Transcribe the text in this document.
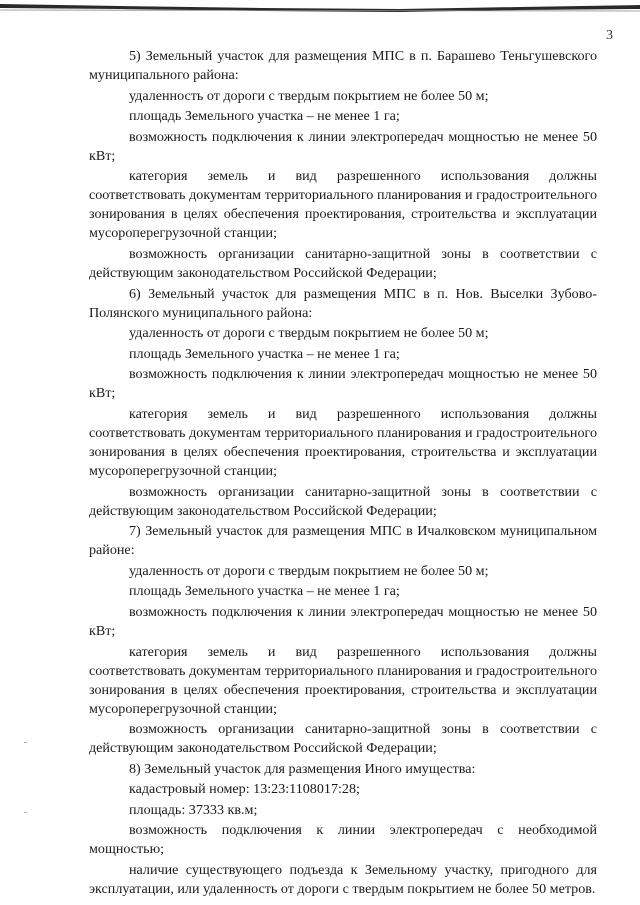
3

5) Земельный участок для размещения МПС в п. Барашево Теньгушевского муниципального района:

удаленность от дороги с твердым покрытием не более 50 м;

площадь Земельного участка – не менее 1 га;

возможность подключения к линии электропередач мощностью не менее 50 кВт;

категория земель и вид разрешенного использования должны соответствовать документам территориального планирования и градостроительного зонирования в целях обеспечения проектирования, строительства и эксплуатации мусороперегрузочной станции;

возможность организации санитарно-защитной зоны в соответствии с действующим законодательством Российской Федерации;

6) Земельный участок для размещения МПС в п. Нов. Выселки Зубово-Полянского муниципального района:

удаленность от дороги с твердым покрытием не более 50 м;

площадь Земельного участка – не менее 1 га;

возможность подключения к линии электропередач мощностью не менее 50 кВт;

категория земель и вид разрешенного использования должны соответствовать документам территориального планирования и градостроительного зонирования в целях обеспечения проектирования, строительства и эксплуатации мусороперегрузочной станции;

возможность организации санитарно-защитной зоны в соответствии с действующим законодательством Российской Федерации;

7) Земельный участок для размещения МПС в Ичалковском муниципальном районе:

удаленность от дороги с твердым покрытием не более 50 м;

площадь Земельного участка – не менее 1 га;

возможность подключения к линии электропередач мощностью не менее 50 кВт;

категория земель и вид разрешенного использования должны соответствовать документам территориального планирования и градостроительного зонирования в целях обеспечения проектирования, строительства и эксплуатации мусороперегрузочной станции;

возможность организации санитарно-защитной зоны в соответствии с действующим законодательством Российской Федерации;

8) Земельный участок для размещения Иного имущества:

кадастровый номер: 13:23:1108017:28;

площадь: 37333 кв.м;

возможность подключения к линии электропередач с необходимой мощностью;

наличие существующего подъезда к Земельному участку, пригодного для эксплуатации, или удаленность от дороги с твердым покрытием не более 50 метров.
